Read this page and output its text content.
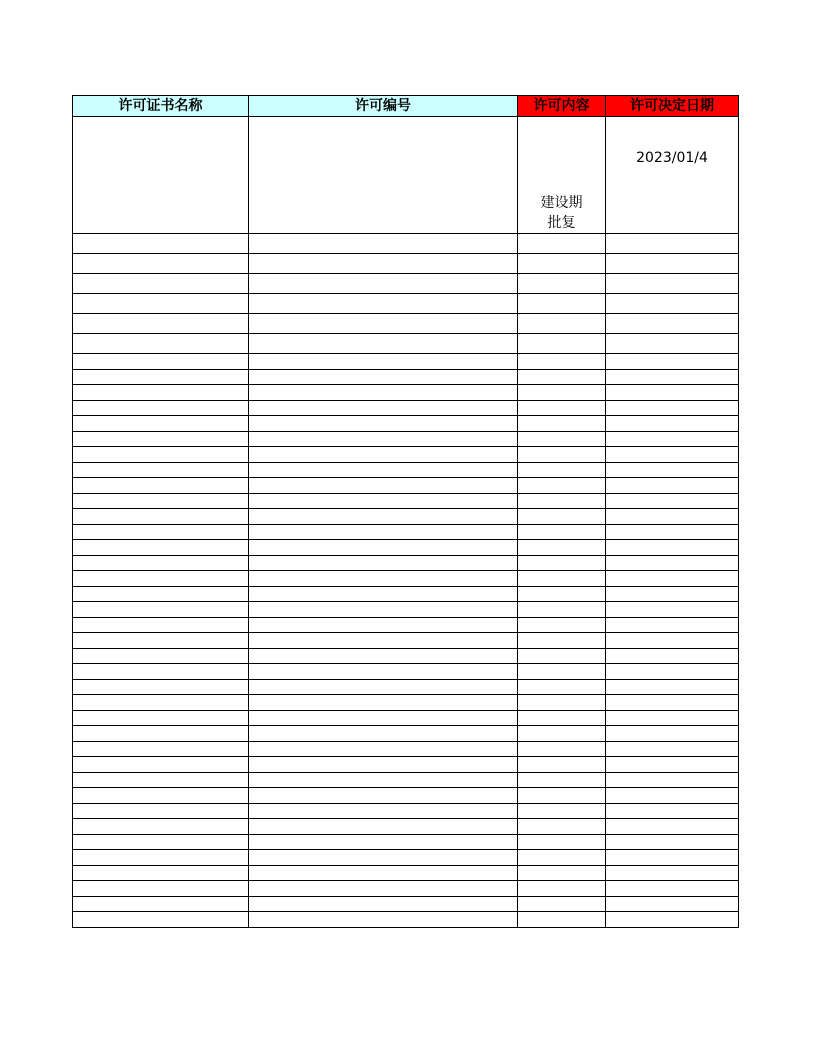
许可证书名称	许可编号	许可内容	许可决定日期

		建设期
批复	2023/01/4
